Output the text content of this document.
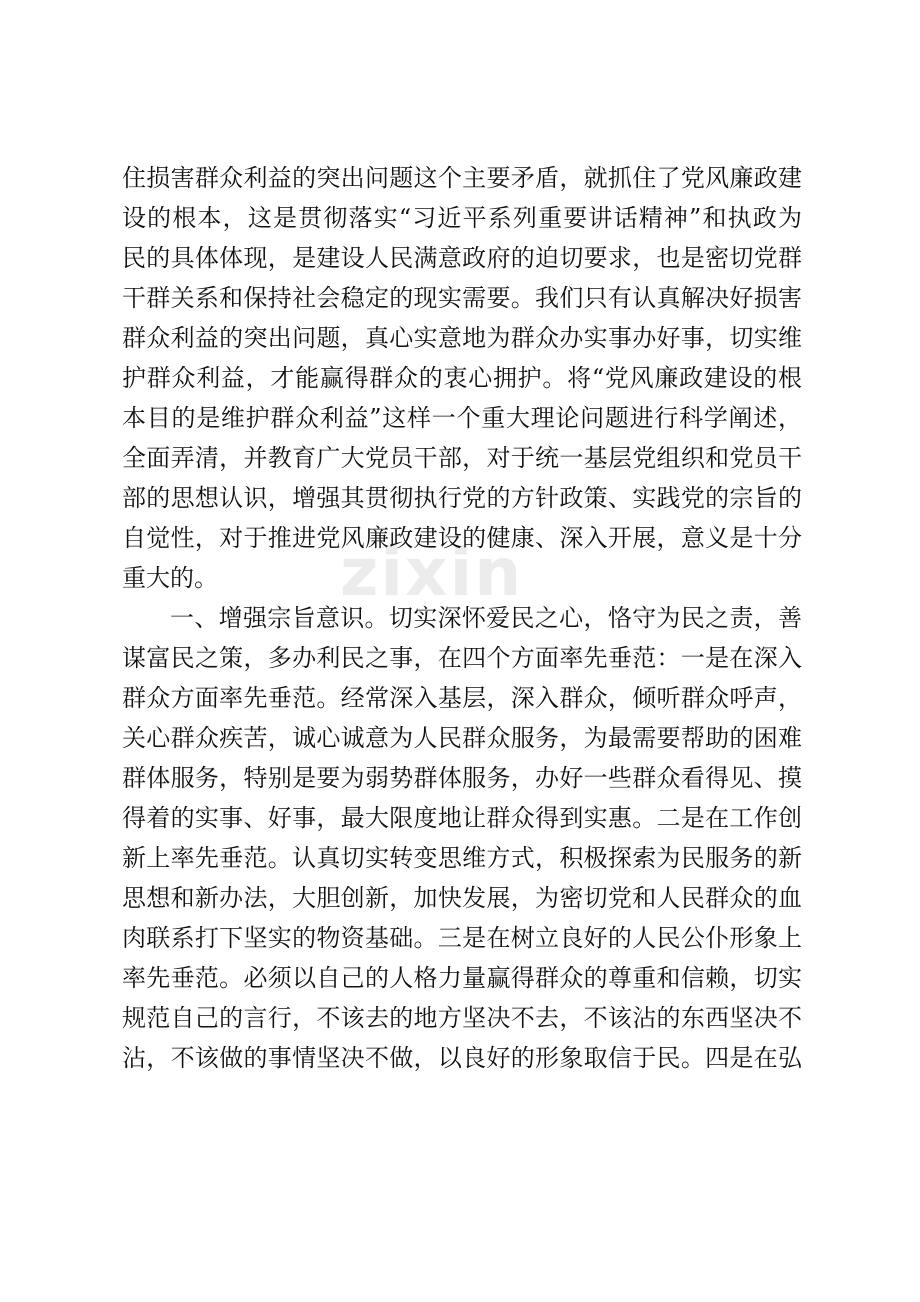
zixin
住损害群众利益的突出问题这个主要矛盾，就抓住了党风廉政建
设的根本，这是贯彻落实“习近平系列重要讲话精神”和执政为
民的具体体现，是建设人民满意政府的迫切要求，也是密切党群
干群关系和保持社会稳定的现实需要。我们只有认真解决好损害
群众利益的突出问题，真心实意地为群众办实事办好事，切实维
护群众利益，才能赢得群众的衷心拥护。将“党风廉政建设的根
本目的是维护群众利益”这样一个重大理论问题进行科学阐述，
全面弄清，并教育广大党员干部，对于统一基层党组织和党员干
部的思想认识，增强其贯彻执行党的方针政策、实践党的宗旨的
自觉性，对于推进党风廉政建设的健康、深入开展，意义是十分
重大的。
一、增强宗旨意识。切实深怀爱民之心，恪守为民之责，善
谋富民之策，多办利民之事，在四个方面率先垂范：一是在深入
群众方面率先垂范。经常深入基层，深入群众，倾听群众呼声，
关心群众疾苦，诚心诚意为人民群众服务，为最需要帮助的困难
群体服务，特别是要为弱势群体服务，办好一些群众看得见、摸
得着的实事、好事，最大限度地让群众得到实惠。二是在工作创
新上率先垂范。认真切实转变思维方式，积极探索为民服务的新
思想和新办法，大胆创新，加快发展，为密切党和人民群众的血
肉联系打下坚实的物资基础。三是在树立良好的人民公仆形象上
率先垂范。必须以自己的人格力量赢得群众的尊重和信赖，切实
规范自己的言行，不该去的地方坚决不去，不该沾的东西坚决不
沾，不该做的事情坚决不做，以良好的形象取信于民。四是在弘
